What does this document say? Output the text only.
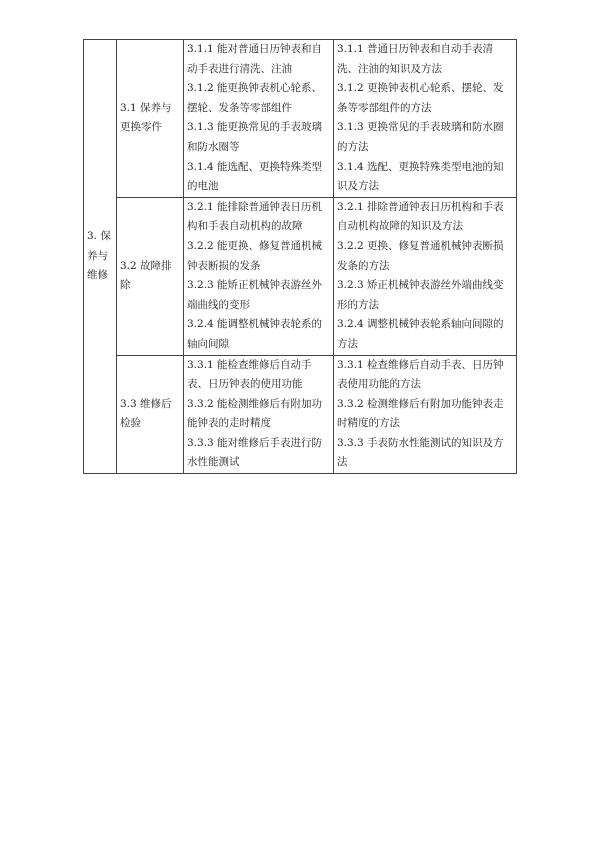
3. 保养与维修	3.1 保养与更换零件	3.1.1 能对普通日历钟表和自动手表进行清洗、注油
3.1.2 能更换钟表机心轮系、摆轮、发条等零部组件
3.1.3 能更换常见的手表玻璃和防水圈等
3.1.4 能选配、更换特殊类型的电池	3.1.1 普通日历钟表和自动手表清洗、注油的知识及方法
3.1.2 更换钟表机心轮系、摆轮、发条等零部组件的方法
3.1.3 更换常见的手表玻璃和防水圈的方法
3.1.4 选配、更换特殊类型电池的知识及方法

	3.2 故障排除	3.2.1 能排除普通钟表日历机构和手表自动机构的故障
3.2.2 能更换、修复普通机械钟表断损的发条
3.2.3 能矫正机械钟表游丝外端曲线的变形
3.2.4 能调整机械钟表轮系的轴向间隙	3.2.1 排除普通钟表日历机构和手表自动机构故障的知识及方法
3.2.2 更换、修复普通机械钟表断损发条的方法
3.2.3 矫正机械钟表游丝外端曲线变形的方法
3.2.4 调整机械钟表轮系轴向间隙的方法

	3.3 维修后检验	3.3.1 能检查维修后自动手表、日历钟表的使用功能
3.3.2 能检测维修后有附加功能钟表的走时精度
3.3.3 能对维修后手表进行防水性能测试	3.3.1 检查维修后自动手表、日历钟表使用功能的方法
3.3.2 检测维修后有附加功能钟表走时精度的方法
3.3.3 手表防水性能测试的知识及方法
